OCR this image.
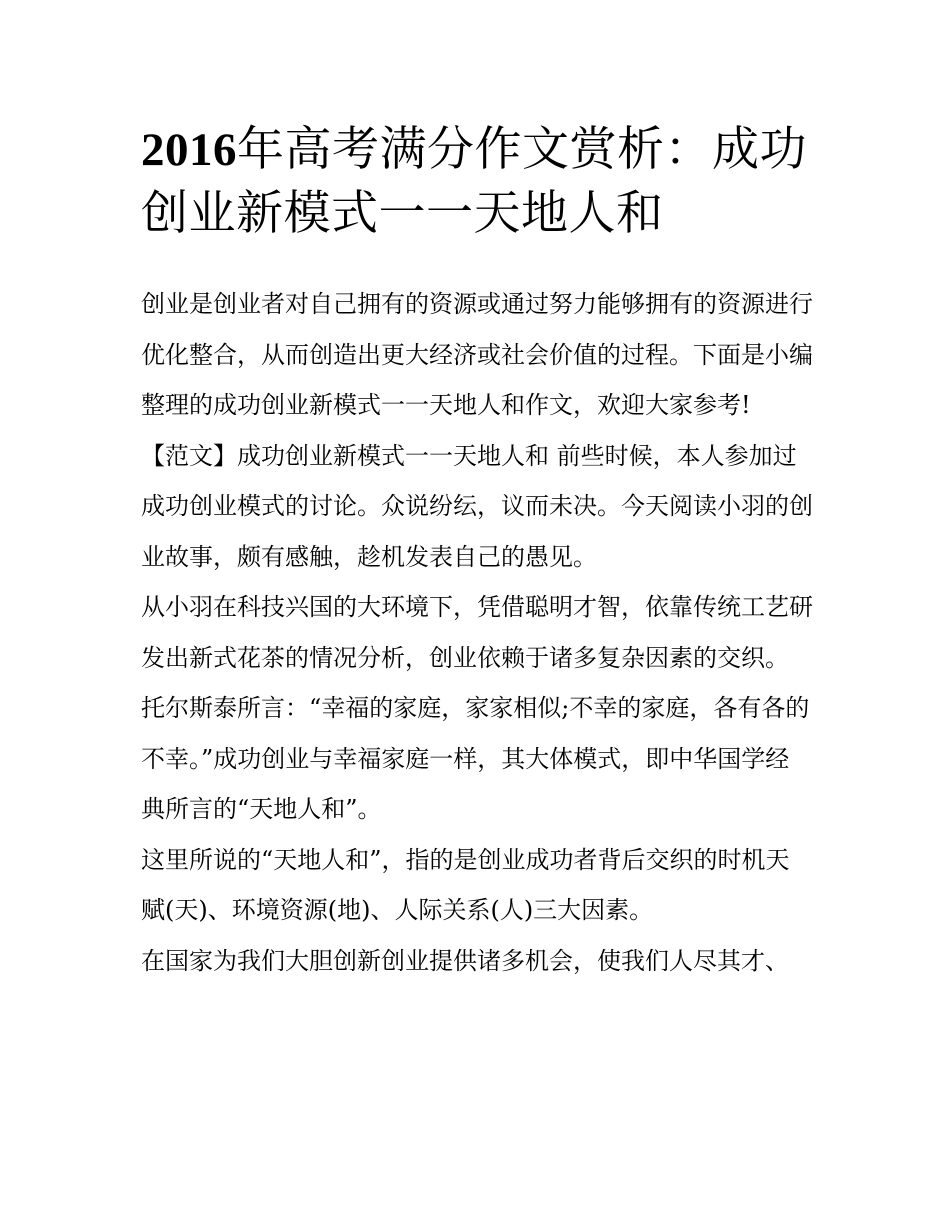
2016年高考满分作文赏析：成功创业新模式一一天地人和

创业是创业者对自己拥有的资源或通过努力能够拥有的资源进行优化整合，从而创造出更大经济或社会价值的过程。下面是小编整理的成功创业新模式一一天地人和作文，欢迎大家参考!

【范文】成功创业新模式一一天地人和 前些时候，本人参加过成功创业模式的讨论。众说纷纭，议而未决。今天阅读小羽的创业故事，颇有感触，趁机发表自己的愚见。

从小羽在科技兴国的大环境下，凭借聪明才智，依靠传统工艺研发出新式花茶的情况分析，创业依赖于诸多复杂因素的交织。

托尔斯泰所言：“幸福的家庭，家家相似;不幸的家庭，各有各的不幸。”成功创业与幸福家庭一样，其大体模式，即中华国学经典所言的“天地人和”。

这里所说的“天地人和”，指的是创业成功者背后交织的时机天赋(天)、环境资源(地)、人际关系(人)三大因素。

在国家为我们大胆创新创业提供诸多机会，使我们人尽其才、
